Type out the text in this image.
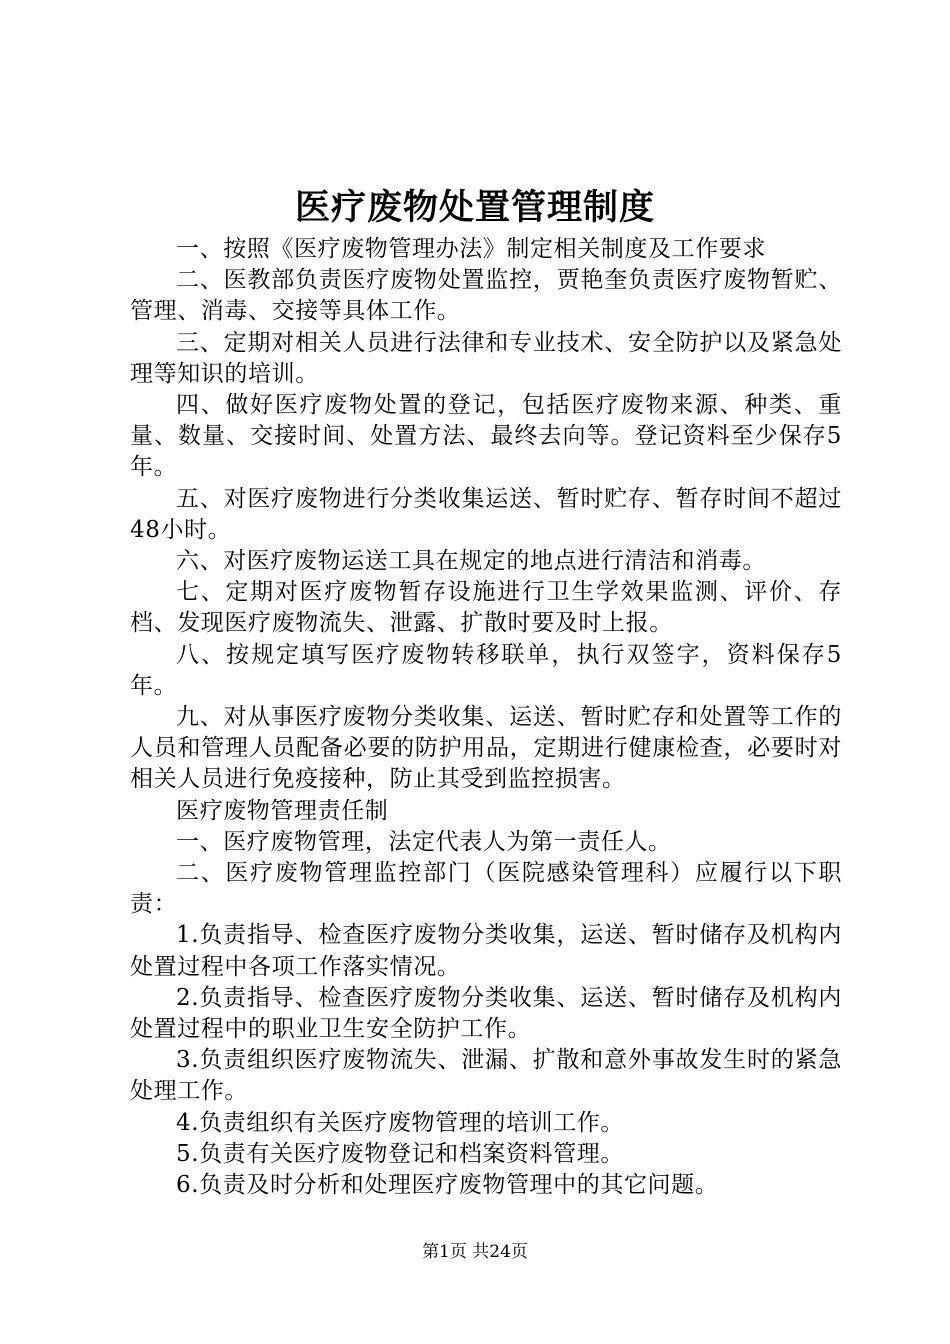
医疗废物处置管理制度

一、按照《医疗废物管理办法》制定相关制度及工作要求

二、医教部负责医疗废物处置监控，贾艳奎负责医疗废物暂贮、管理、消毒、交接等具体工作。

三、定期对相关人员进行法律和专业技术、安全防护以及紧急处理等知识的培训。

四、做好医疗废物处置的登记，包括医疗废物来源、种类、重量、数量、交接时间、处置方法、最终去向等。登记资料至少保存5年。

五、对医疗废物进行分类收集运送、暂时贮存、暂存时间不超过48小时。

六、对医疗废物运送工具在规定的地点进行清洁和消毒。

七、定期对医疗废物暂存设施进行卫生学效果监测、评价、存档、发现医疗废物流失、泄露、扩散时要及时上报。

八、按规定填写医疗废物转移联单，执行双签字，资料保存5年。

九、对从事医疗废物分类收集、运送、暂时贮存和处置等工作的人员和管理人员配备必要的防护用品，定期进行健康检查，必要时对相关人员进行免疫接种，防止其受到监控损害。

医疗废物管理责任制

一、医疗废物管理，法定代表人为第一责任人。

二、医疗废物管理监控部门（医院感染管理科）应履行以下职责：

1.负责指导、检查医疗废物分类收集，运送、暂时储存及机构内处置过程中各项工作落实情况。

2.负责指导、检查医疗废物分类收集、运送、暂时储存及机构内处置过程中的职业卫生安全防护工作。

3.负责组织医疗废物流失、泄漏、扩散和意外事故发生时的紧急处理工作。

4.负责组织有关医疗废物管理的培训工作。

5.负责有关医疗废物登记和档案资料管理。

6.负责及时分析和处理医疗废物管理中的其它问题。

第1页 共24页
